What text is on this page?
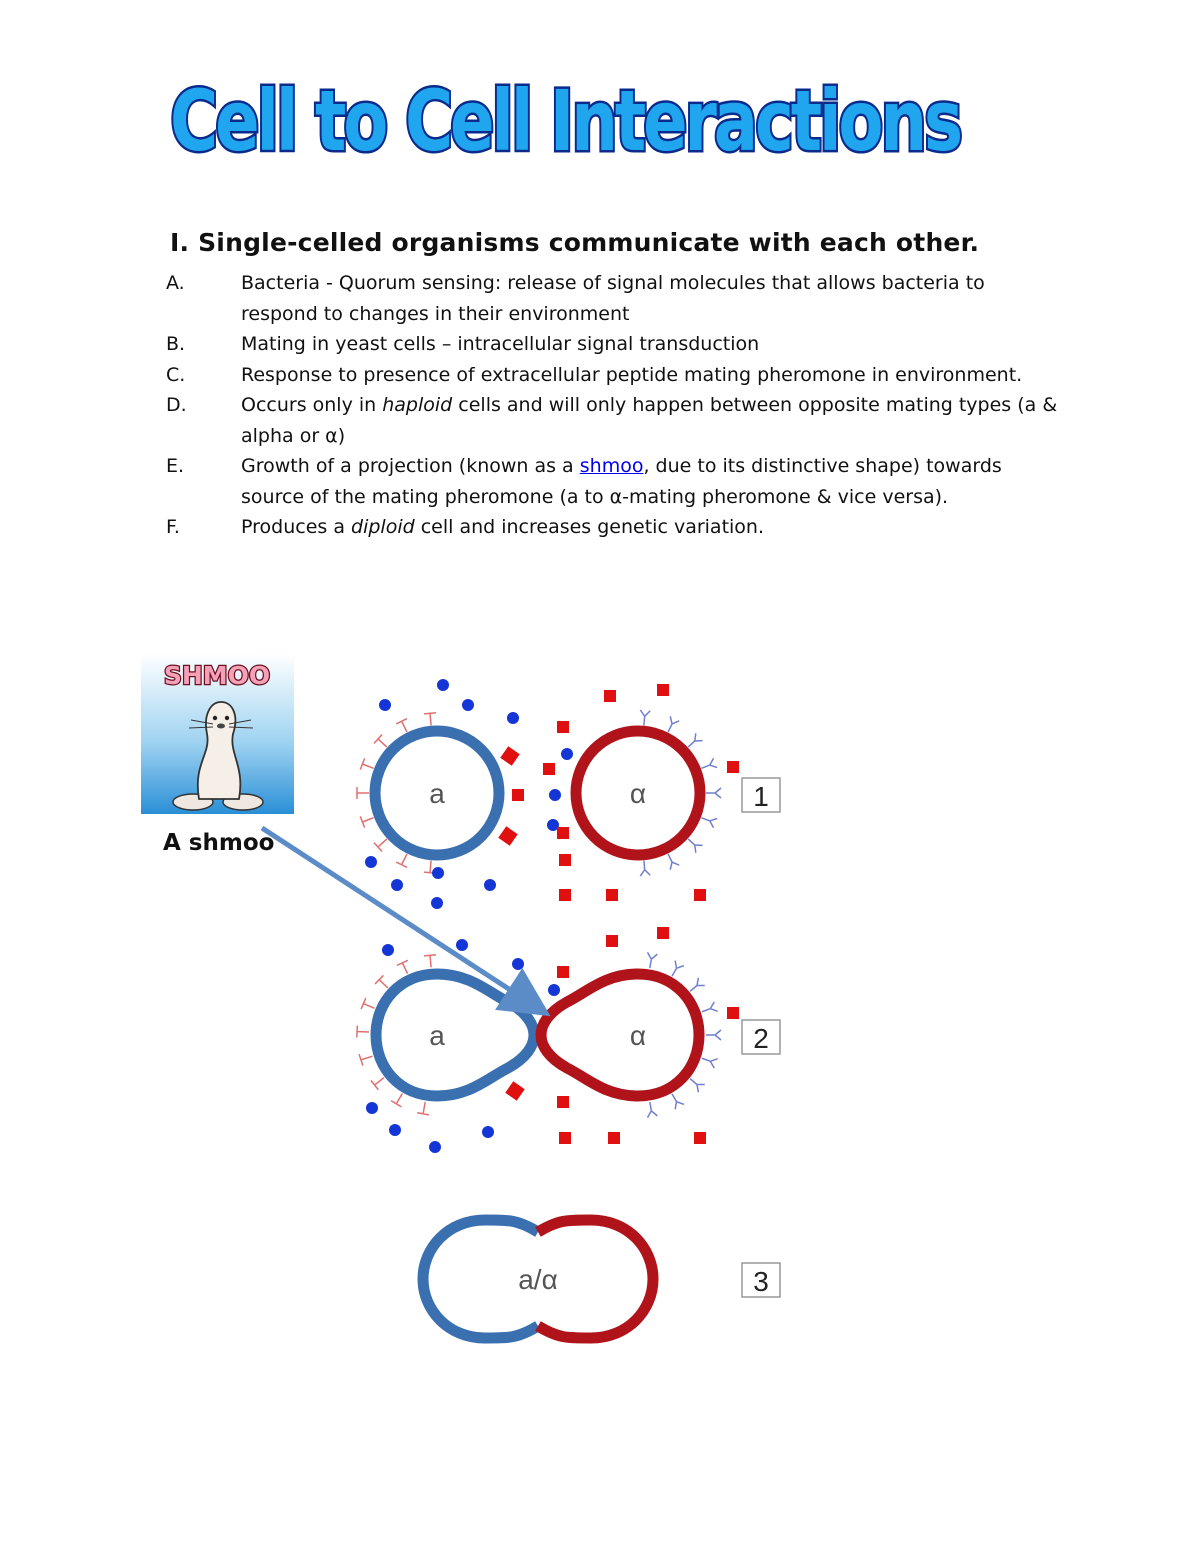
Cell to Cell Interactions
I. Single-celled organisms communicate with each other.
A.	Bacteria - Quorum sensing: release of signal molecules that allows bacteria to respond to changes in their environment
B.	Mating in yeast cells – intracellular signal transduction
C.	Response to presence of extracellular peptide mating pheromone in environment.
D.	Occurs only in haploid cells and will only happen between opposite mating types (a & alpha or α)
E.	Growth of a projection (known as a shmoo, due to its distinctive shape) towards source of the mating pheromone (a to α-mating pheromone & vice versa).
F.	Produces a diploid cell and increases genetic variation.
SHMOO
A shmoo
a	α	1
a	α	2
a/α	3
